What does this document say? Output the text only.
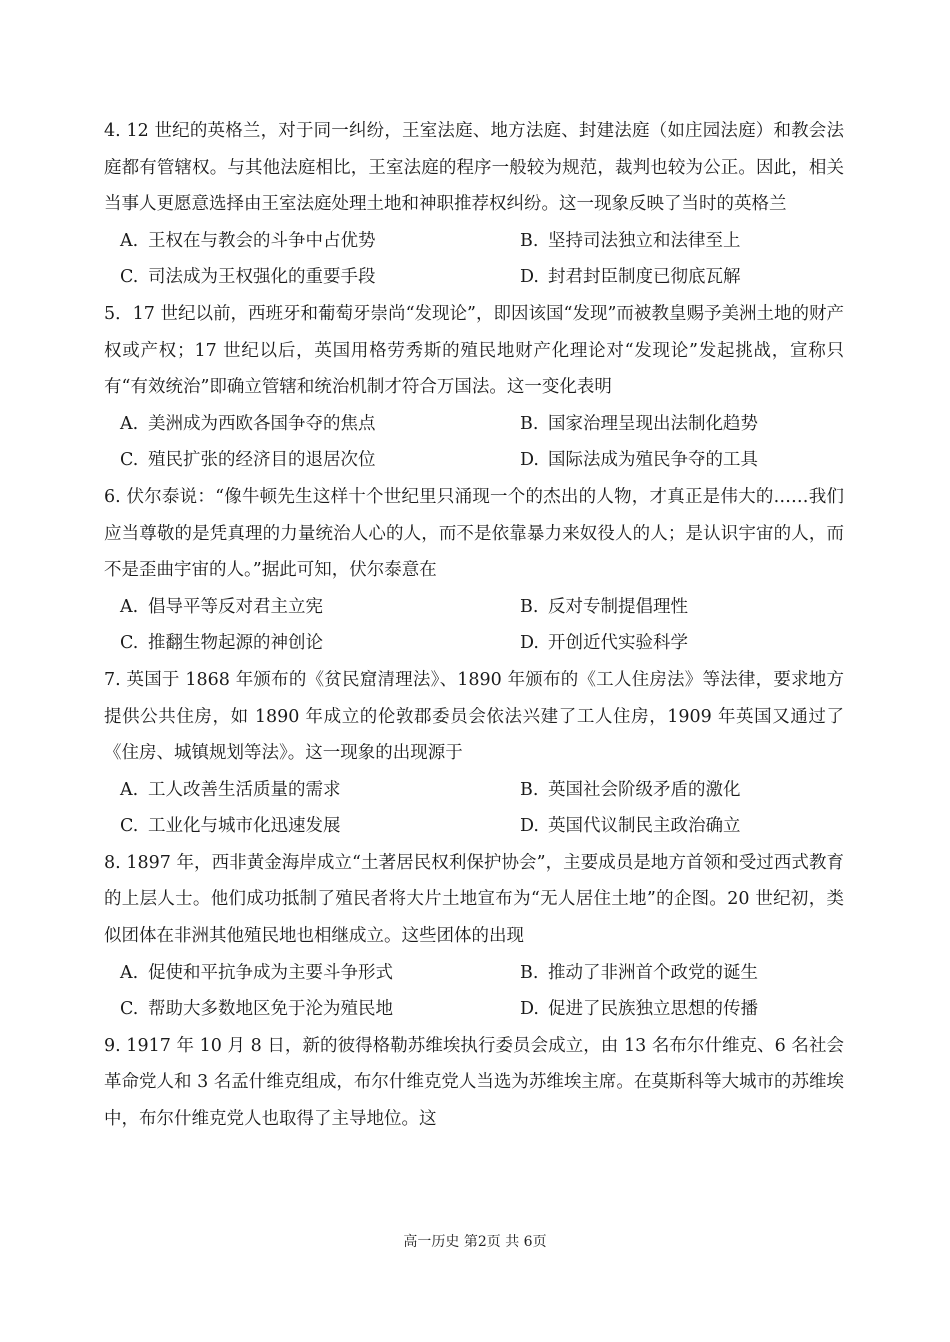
4. 12 世纪的英格兰，对于同一纠纷，王室法庭、地方法庭、封建法庭（如庄园法庭）和教会法庭都有管辖权。与其他法庭相比，王室法庭的程序一般较为规范，裁判也较为公正。因此，相关当事人更愿意选择由王室法庭处理土地和神职推荐权纠纷。这一现象反映了当时的英格兰

A. 王权在与教会的斗争中占优势	B. 坚持司法独立和法律至上
C. 司法成为王权强化的重要手段	D. 封君封臣制度已彻底瓦解

5．17 世纪以前，西班牙和葡萄牙崇尚“发现论”，即因该国“发现”而被教皇赐予美洲土地的财产权或产权；17 世纪以后，英国用格劳秀斯的殖民地财产化理论对“发现论”发起挑战，宣称只有“有效统治”即确立管辖和统治机制才符合万国法。这一变化表明

A. 美洲成为西欧各国争夺的焦点	B. 国家治理呈现出法制化趋势
C. 殖民扩张的经济目的退居次位	D. 国际法成为殖民争夺的工具

6. 伏尔泰说：“像牛顿先生这样十个世纪里只涌现一个的杰出的人物，才真正是伟大的……我们应当尊敬的是凭真理的力量统治人心的人，而不是依靠暴力来奴役人的人；是认识宇宙的人，而不是歪曲宇宙的人。”据此可知，伏尔泰意在

A. 倡导平等反对君主立宪	B. 反对专制提倡理性
C. 推翻生物起源的神创论	D. 开创近代实验科学

7. 英国于 1868 年颁布的《贫民窟清理法》、1890 年颁布的《工人住房法》等法律，要求地方提供公共住房，如 1890 年成立的伦敦郡委员会依法兴建了工人住房，1909 年英国又通过了《住房、城镇规划等法》。这一现象的出现源于

A. 工人改善生活质量的需求	B. 英国社会阶级矛盾的激化
C. 工业化与城市化迅速发展	D. 英国代议制民主政治确立

8. 1897 年，西非黄金海岸成立“土著居民权利保护协会”，主要成员是地方首领和受过西式教育的上层人士。他们成功抵制了殖民者将大片土地宣布为“无人居住土地”的企图。20 世纪初，类似团体在非洲其他殖民地也相继成立。这些团体的出现

A. 促使和平抗争成为主要斗争形式	B. 推动了非洲首个政党的诞生
C. 帮助大多数地区免于沦为殖民地	D. 促进了民族独立思想的传播

9. 1917 年 10 月 8 日，新的彼得格勒苏维埃执行委员会成立，由 13 名布尔什维克、6 名社会革命党人和 3 名孟什维克组成，布尔什维克党人当选为苏维埃主席。在莫斯科等大城市的苏维埃中，布尔什维克党人也取得了主导地位。这

高一历史 第2页 共 6页
